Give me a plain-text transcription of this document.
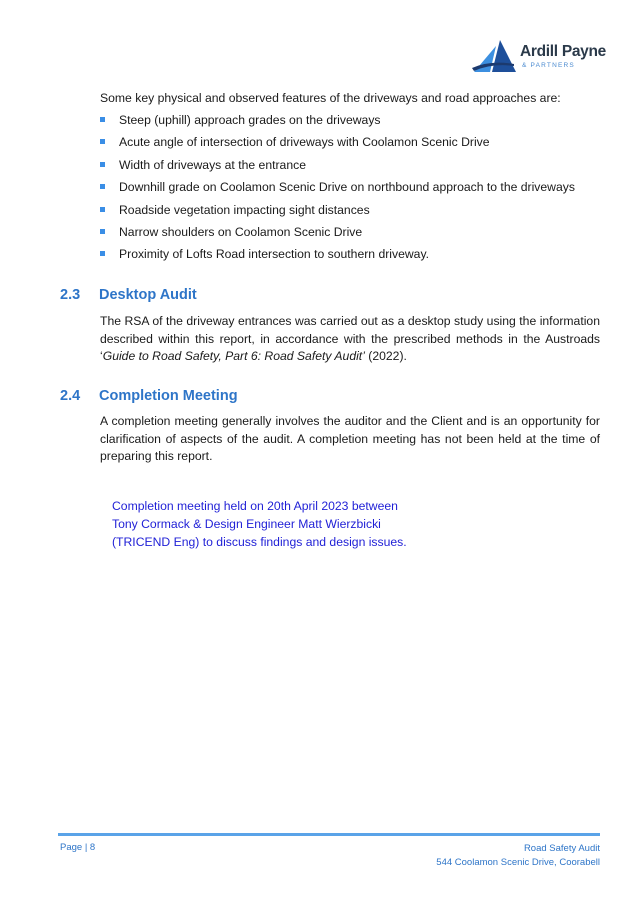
Ardill Payne
& PARTNERS

Some key physical and observed features of the driveways and road approaches are:

Steep (uphill) approach grades on the driveways
Acute angle of intersection of driveways with Coolamon Scenic Drive
Width of driveways at the entrance
Downhill grade on Coolamon Scenic Drive on northbound approach to the driveways
Roadside vegetation impacting sight distances
Narrow shoulders on Coolamon Scenic Drive
Proximity of Lofts Road intersection to southern driveway.
2.3 Desktop Audit

The RSA of the driveway entrances was carried out as a desktop study using the information described within this report, in accordance with the prescribed methods in the Austroads ‘Guide to Road Safety, Part 6: Road Safety Audit’ (2022).

2.4 Completion Meeting

A completion meeting generally involves the auditor and the Client and is an opportunity for clarification of aspects of the audit. A completion meeting has not been held at the time of preparing this report.

Completion meeting held on 20th April 2023 between
Tony Cormack & Design Engineer Matt Wierzbicki
(TRICEND Eng) to discuss findings and design issues.
Page | 8	Road Safety Audit
544 Coolamon Scenic Drive, Coorabell
